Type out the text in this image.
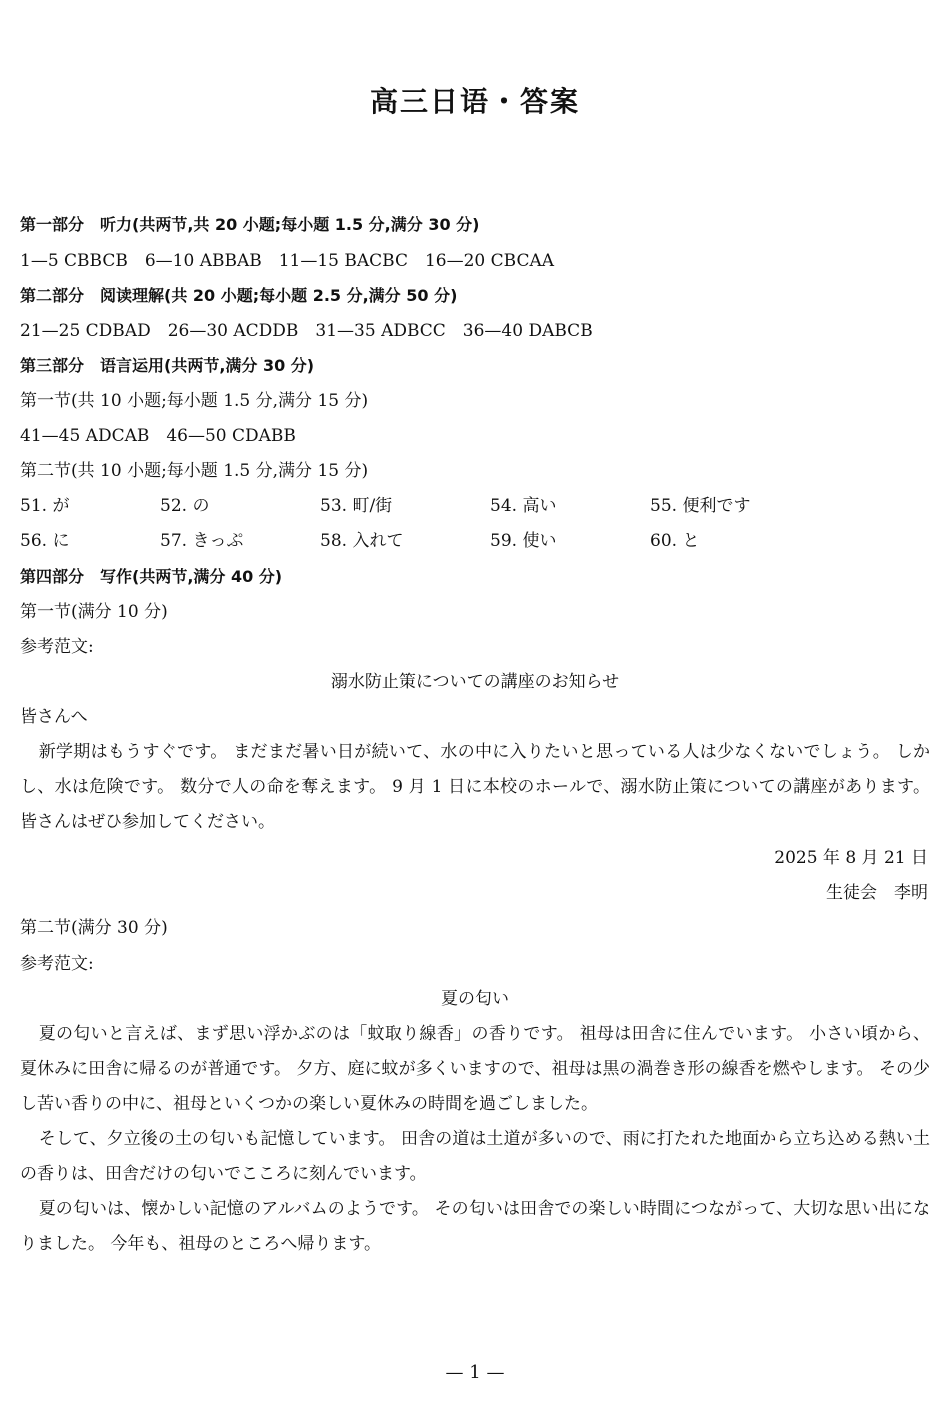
高三日语・答案
第一部分　听力(共两节,共 20 小题;每小题 1.5 分,满分 30 分)
1—5 CBBCB　6—10 ABBAB　11—15 BACBC　16—20 CBCAA
第二部分　阅读理解(共 20 小题;每小题 2.5 分,满分 50 分)
21—25 CDBAD　26—30 ACDDB　31—35 ADBCC　36—40 DABCB
第三部分　语言运用(共两节,满分 30 分)
第一节(共 10 小题;每小题 1.5 分,满分 15 分)
41—45 ADCAB　46—50 CDABB
第二节(共 10 小题;每小题 1.5 分,满分 15 分)
51. が	52. の	53. 町/街	54. 高い	55. 便利です
56. に	57. きっぷ	58. 入れて	59. 使い	60. と
第四部分　写作(共两节,满分 40 分)
第一节(满分 10 分)
参考范文:
溺水防止策についての講座のお知らせ
皆さんへ
新学期はもうすぐです。 まだまだ暑い日が続いて、水の中に入りたいと思っている人は少なくないでしょう。 しかし、水は危険です。 数分で人の命を奪えます。 9 月 1 日に本校のホールで、溺水防止策についての講座があります。 皆さんはぜひ参加してください。
2025 年 8 月 21 日
生徒会　李明
第二节(满分 30 分)
参考范文:
夏の匂い
夏の匂いと言えば、まず思い浮かぶのは「蚊取り線香」の香りです。 祖母は田舎に住んでいます。 小さい頃から、夏休みに田舎に帰るのが普通です。 夕方、庭に蚊が多くいますので、祖母は黒の渦巻き形の線香を燃やします。 その少し苦い香りの中に、祖母といくつかの楽しい夏休みの時間を過ごしました。
そして、夕立後の土の匂いも記憶しています。 田舎の道は土道が多いので、雨に打たれた地面から立ち込める熱い土の香りは、田舎だけの匂いでこころに刻んでいます。
夏の匂いは、懐かしい記憶のアルバムのようです。 その匂いは田舎での楽しい時間につながって、大切な思い出になりました。 今年も、祖母のところへ帰ります。
— 1 —
